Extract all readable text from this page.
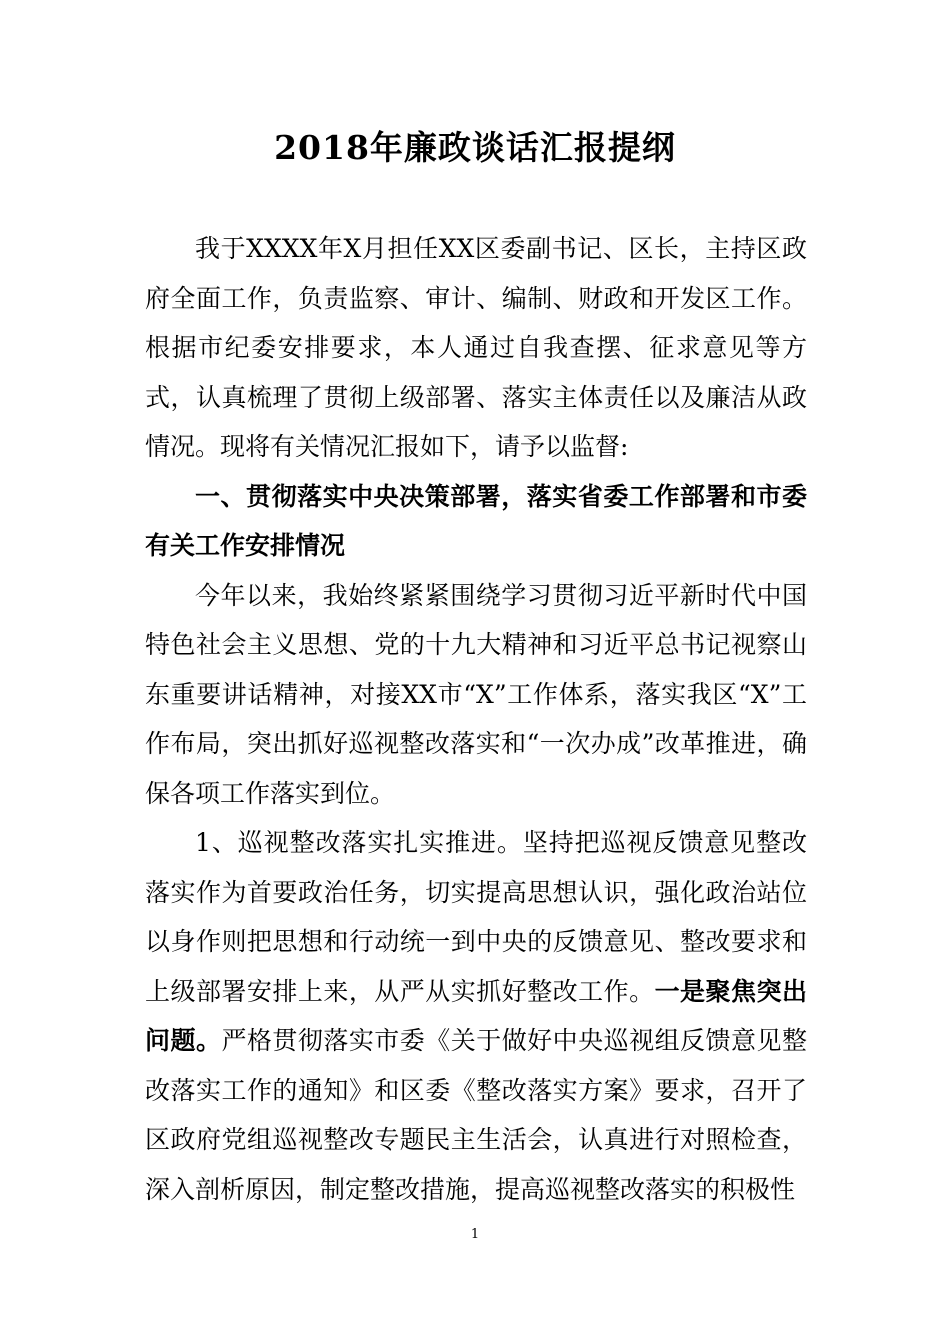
2018年廉政谈话汇报提纲

我于XXXX年X月担任XX区委副书记、区长，主持区政府全面工作，负责监察、审计、编制、财政和开发区工作。根据市纪委安排要求，本人通过自我查摆、征求意见等方式，认真梳理了贯彻上级部署、落实主体责任以及廉洁从政情况。现将有关情况汇报如下，请予以监督:

一、贯彻落实中央决策部署，落实省委工作部署和市委有关工作安排情况

今年以来，我始终紧紧围绕学习贯彻习近平新时代中国特色社会主义思想、党的十九大精神和习近平总书记视察山东重要讲话精神，对接XX市“X”工作体系，落实我区“X”工作布局，突出抓好巡视整改落实和“一次办成”改革推进，确保各项工作落实到位。

1、巡视整改落实扎实推进。坚持把巡视反馈意见整改落实作为首要政治任务，切实提高思想认识，强化政治站位以身作则把思想和行动统一到中央的反馈意见、整改要求和上级部署安排上来，从严从实抓好整改工作。一是聚焦突出问题。严格贯彻落实市委《关于做好中央巡视组反馈意见整改落实工作的通知》和区委《整改落实方案》要求，召开了区政府党组巡视整改专题民主生活会，认真进行对照检查，深入剖析原因，制定整改措施，提高巡视整改落实的积极性

1
